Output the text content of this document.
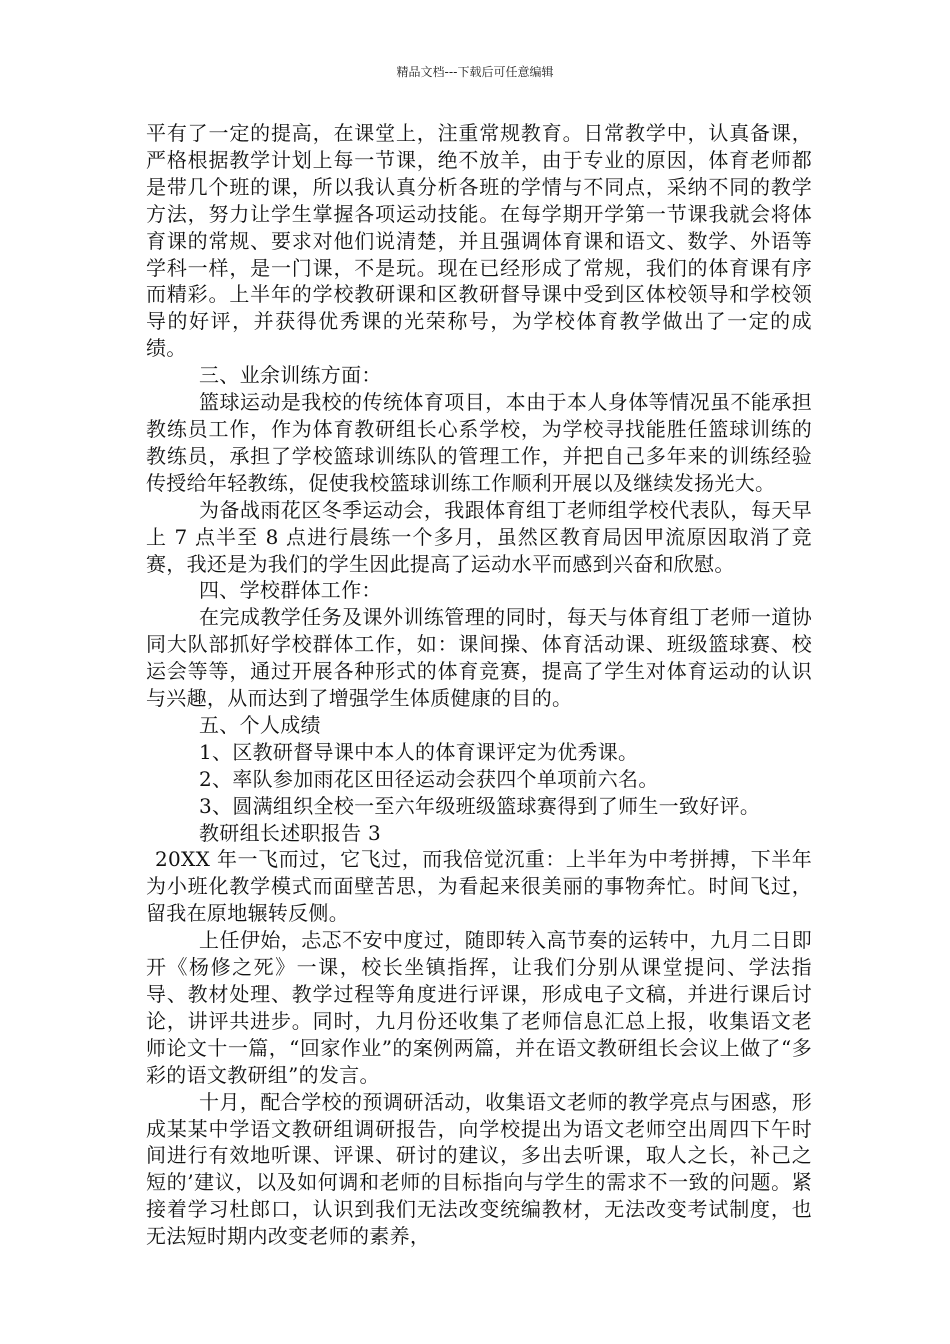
精品文档---下载后可任意编辑

平有了一定的提高，在课堂上，注重常规教育。日常教学中，认真备课，严格根据教学计划上每一节课，绝不放羊，由于专业的原因，体育老师都是带几个班的课，所以我认真分析各班的学情与不同点，采纳不同的教学方法，努力让学生掌握各项运动技能。在每学期开学第一节课我就会将体育课的常规、要求对他们说清楚，并且强调体育课和语文、数学、外语等学科一样，是一门课，不是玩。现在已经形成了常规，我们的体育课有序而精彩。上半年的学校教研课和区教研督导课中受到区体校领导和学校领导的好评，并获得优秀课的光荣称号，为学校体育教学做出了一定的成绩。

三、业余训练方面：

篮球运动是我校的传统体育项目，本由于本人身体等情况虽不能承担教练员工作，作为体育教研组长心系学校，为学校寻找能胜任篮球训练的教练员，承担了学校篮球训练队的管理工作，并把自己多年来的训练经验传授给年轻教练，促使我校篮球训练工作顺利开展以及继续发扬光大。

为备战雨花区冬季运动会，我跟体育组丁老师组学校代表队，每天早上 7 点半至 8 点进行晨练一个多月，虽然区教育局因甲流原因取消了竞赛，我还是为我们的学生因此提高了运动水平而感到兴奋和欣慰。

四、学校群体工作：

在完成教学任务及课外训练管理的同时，每天与体育组丁老师一道协同大队部抓好学校群体工作，如：课间操、体育活动课、班级篮球赛、校运会等等，通过开展各种形式的体育竞赛，提高了学生对体育运动的认识与兴趣，从而达到了增强学生体质健康的目的。

五、个人成绩

1、区教研督导课中本人的体育课评定为优秀课。

2、率队参加雨花区田径运动会获四个单项前六名。

3、圆满组织全校一至六年级班级篮球赛得到了师生一致好评。

教研组长述职报告 3

20XX 年一飞而过，它飞过，而我倍觉沉重：上半年为中考拼搏，下半年为小班化教学模式而面壁苦思，为看起来很美丽的事物奔忙。时间飞过，留我在原地辗转反侧。

上任伊始，忐忑不安中度过，随即转入高节奏的运转中，九月二日即开《杨修之死》一课，校长坐镇指挥，让我们分别从课堂提问、学法指导、教材处理、教学过程等角度进行评课，形成电子文稿，并进行课后讨论，讲评共进步。同时，九月份还收集了老师信息汇总上报，收集语文老师论文十一篇，“回家作业”的案例两篇，并在语文教研组长会议上做了“多彩的语文教研组”的发言。

十月，配合学校的预调研活动，收集语文老师的教学亮点与困惑，形成某某中学语文教研组调研报告，向学校提出为语文老师空出周四下午时间进行有效地听课、评课、研讨的建议，多出去听课，取人之长，补己之短的’建议，以及如何调和老师的目标指向与学生的需求不一致的问题。紧接着学习杜郎口，认识到我们无法改变统编教材，无法改变考试制度，也无法短时期内改变老师的素养，
